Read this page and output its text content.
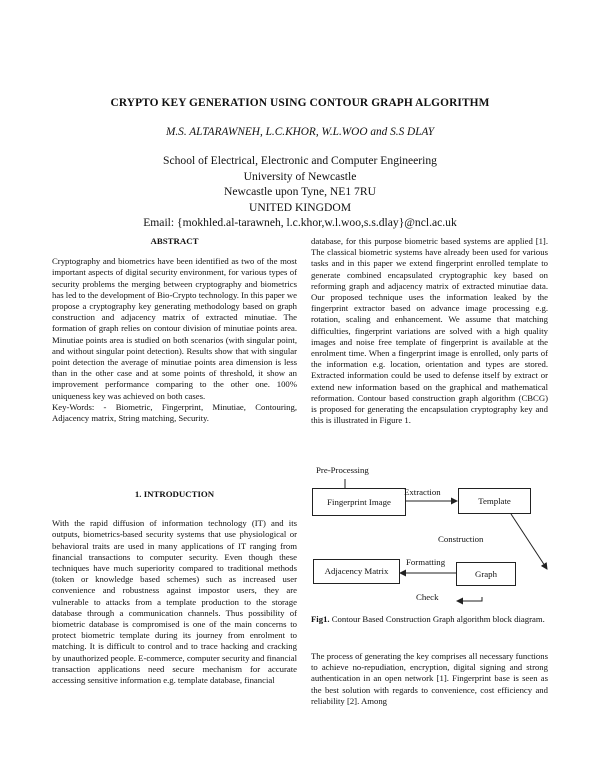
CRYPTO KEY GENERATION USING CONTOUR GRAPH ALGORITHM
M.S. ALTARAWNEH, L.C.KHOR, W.L.WOO and S.S DLAY
School of Electrical, Electronic and Computer Engineering
University of Newcastle
Newcastle upon Tyne, NE1 7RU
UNITED KINGDOM
Email: {mokhled.al-tarawneh, l.c.khor,w.l.woo,s.s.dlay}@ncl.ac.uk
ABSTRACT

Cryptography and biometrics have been identified as two of the most important aspects of digital security environment, for various types of security problems the merging between cryptography and biometrics has led to the development of Bio-Crypto technology. In this paper we propose a cryptography key generating methodology based on graph construction and adjacency matrix of extracted minutiae. The formation of graph relies on contour division of minutiae points area. Minutiae points area is studied on both scenarios (with singular point, and without singular point detection). Results show that with singular point detection the average of minutiae points area dimension is less than in the other case and at some points of threshold, it show an improvement performance comparing to the other one. 100% uniqueness key was achieved on both cases.

Key-Words: - Biometric, Fingerprint, Minutiae, Contouring, Adjacency matrix, String matching, Security.

1. INTRODUCTION

With the rapid diffusion of information technology (IT) and its outputs, biometrics-based security systems that use physiological or behavioral traits are used in many applications of IT ranging from financial transactions to computer security. Even though these techniques have much superiority compared to traditional methods (token or knowledge based schemes) such as increased user convenience and robustness against impostor users, they are vulnerable to attacks from a template production to the storage database through a communication channels. Thus possibility of biometric database is compromised is one of the main concerns to protect biometric template during its journey from enrolment to matching. It is difficult to control and to trace hacking and cracking by unauthorized people. E-commerce, computer security and financial transaction applications need secure mechanism for accurate accessing sensitive information e.g. template database, financial

database, for this purpose biometric based systems are applied [1]. The classical biometric systems have already been used for various tasks and in this paper we extend fingerprint enrolled template to generate combined encapsulated cryptographic key based on reforming graph and adjacency matrix of extracted minutiae data. Our proposed technique uses the information leaked by the fingerprint extractor based on advance image processing e.g. rotation, scaling and enhancement. We assume that matching difficulties, fingerprint variations are solved with a high quality images and noise free template of fingerprint is available at the enrolment time. When a fingerprint image is enrolled, only parts of the information e.g. location, orientation and types are stored. Extracted information could be used to defense itself by extract or extend new information based on the graphical and mathematical reformation. Contour based construction graph algorithm (CBCG) is proposed for generating the encapsulation cryptography key and this is illustrated in Figure 1.

Fingerprint Image	Template
Adjacency Matrix	Graph
Pre-Processing
Extraction
Construction
Formatting
Check

Fig1. Contour Based Construction Graph algorithm block diagram.

The process of generating the key comprises all necessary functions to achieve no-repudiation, encryption, digital signing and strong authentication in an open network [1]. Fingerprint base is seen as the best solution with regards to convenience, cost efficiency and reliability [2]. Among
